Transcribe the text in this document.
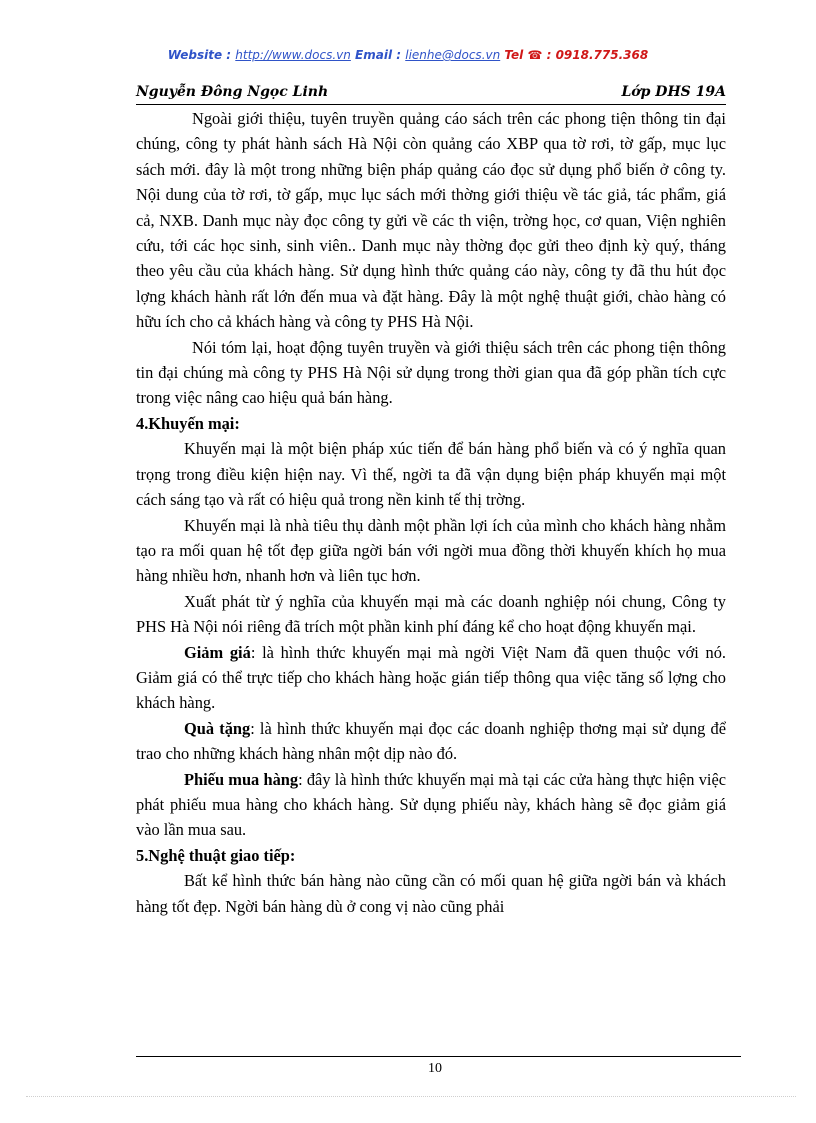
Website : http://www.docs.vn Email : lienhe@docs.vn Tel ☎ : 0918.775.368
Nguyễn Đông Ngọc Linh	Lớp DHS 19A

Ngoài giới thiệu, tuyên truyền quảng cáo sách trên các phong tiện thông tin đại chúng, công ty phát hành sách Hà Nội còn quảng cáo XBP qua tờ rơi, tờ gấp, mục lục sách mới. đây là một trong những biện pháp quảng cáo đọc sử dụng phổ biến ở công ty. Nội dung của tờ rơi, tờ gấp, mục lục sách mới thờng giới thiệu về tác giả, tác phẩm, giá cả, NXB. Danh mục này đọc công ty gửi về các th viện, trờng học, cơ quan, Viện nghiên cứu, tới các học sinh, sinh viên.. Danh mục này thờng đọc gửi theo định kỳ quý, tháng theo yêu cầu của khách hàng. Sử dụng hình thức quảng cáo này, công ty đã thu hút đọc lợng khách hành rất lớn đến mua và đặt hàng. Đây là một nghệ thuật giới, chào hàng có hữu ích cho cả khách hàng và công ty PHS Hà Nội.

Nói tóm lại, hoạt động tuyên truyền và giới thiệu sách trên các phong tiện thông tin đại chúng mà công ty PHS Hà Nội sử dụng trong thời gian qua đã góp phần tích cực trong việc nâng cao hiệu quả bán hàng.

4.Khuyến mại:

Khuyến mại là một biện pháp xúc tiến để bán hàng phổ biến và có ý nghĩa quan trọng trong điều kiện hiện nay. Vì thế, ngời ta đã vận dụng biện pháp khuyến mại một cách sáng tạo và rất có hiệu quả trong nền kinh tế thị trờng.

Khuyến mại là nhà tiêu thụ dành một phần lợi ích của mình cho khách hàng nhằm tạo ra mối quan hệ tốt đẹp giữa ngời bán với ngời mua đồng thời khuyến khích họ mua hàng nhiều hơn, nhanh hơn và liên tục hơn.

Xuất phát từ ý nghĩa của khuyến mại mà các doanh nghiệp nói chung, Công ty PHS Hà Nội nói riêng đã trích một phần kinh phí đáng kể cho hoạt động khuyến mại.

Giảm giá: là hình thức khuyến mại mà ngời Việt Nam đã quen thuộc với nó. Giảm giá có thể trực tiếp cho khách hàng hoặc gián tiếp thông qua việc tăng số lợng cho khách hàng.

Quà tặng: là hình thức khuyến mại đọc các doanh nghiệp thơng mại sử dụng để trao cho những khách hàng nhân một dịp nào đó.

Phiếu mua hàng: đây là hình thức khuyến mại mà tại các cửa hàng thực hiện việc phát phiếu mua hàng cho khách hàng. Sử dụng phiếu này, khách hàng sẽ đọc giảm giá vào lần mua sau.

5.Nghệ thuật giao tiếp:

Bất kể hình thức bán hàng nào cũng cần có mối quan hệ giữa ngời bán và khách hàng tốt đẹp. Ngời bán hàng dù ở cong vị nào cũng phải

10
